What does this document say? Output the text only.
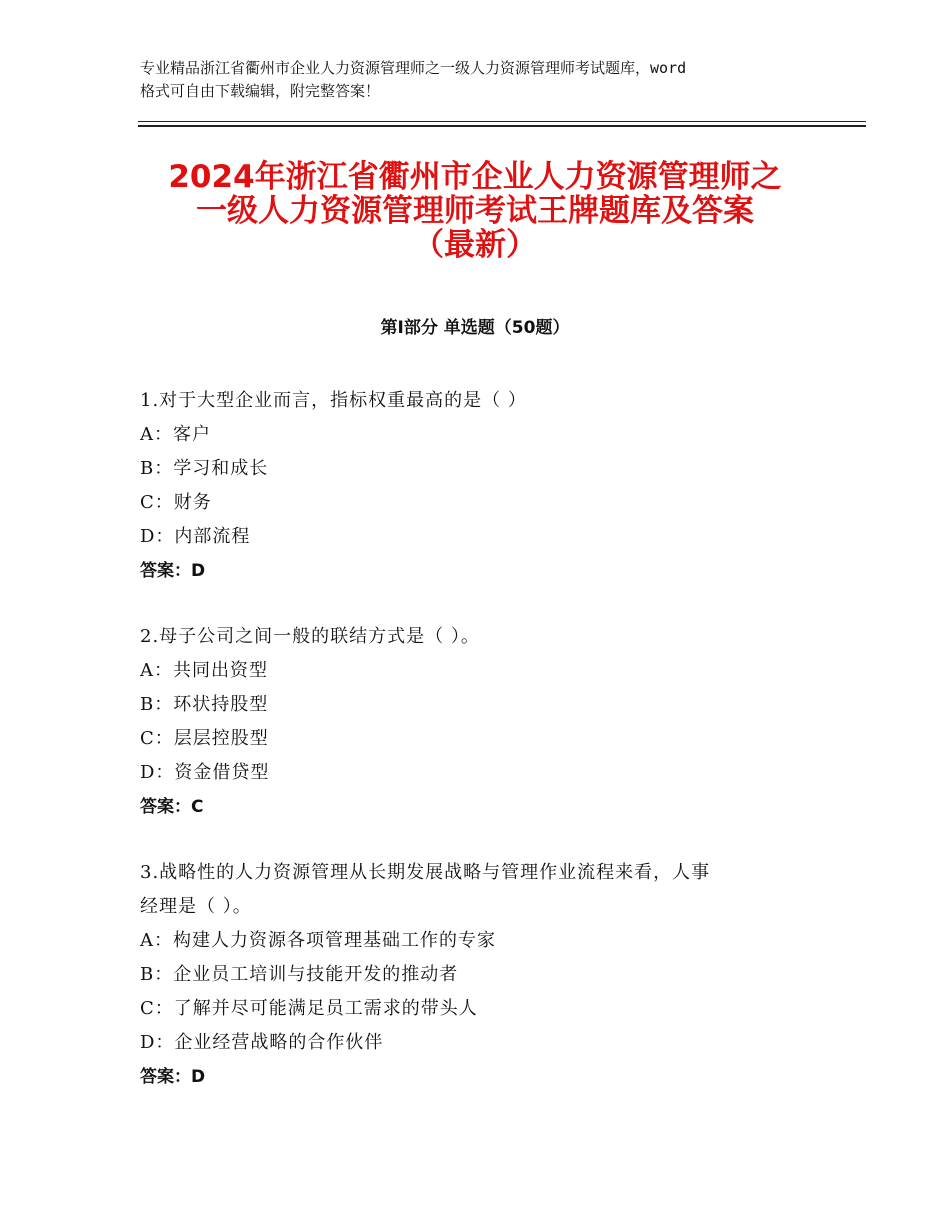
专业精品浙江省衢州市企业人力资源管理师之一级人力资源管理师考试题库，word
格式可自由下载编辑，附完整答案！
2024年浙江省衢州市企业人力资源管理师之
一级人力资源管理师考试王牌题库及答案
（最新）
第Ⅰ部分 单选题（50题）
1.对于大型企业而言，指标权重最高的是（ ）
A：客户
B：学习和成长
C：财务
D：内部流程
答案：D
2.母子公司之间一般的联结方式是（ ）。
A：共同出资型
B：环状持股型
C：层层控股型
D：资金借贷型
答案：C
3.战略性的人力资源管理从长期发展战略与管理作业流程来看，人事
经理是（ ）。
A：构建人力资源各项管理基础工作的专家
B：企业员工培训与技能开发的推动者
C：了解并尽可能满足员工需求的带头人
D：企业经营战略的合作伙伴
答案：D
